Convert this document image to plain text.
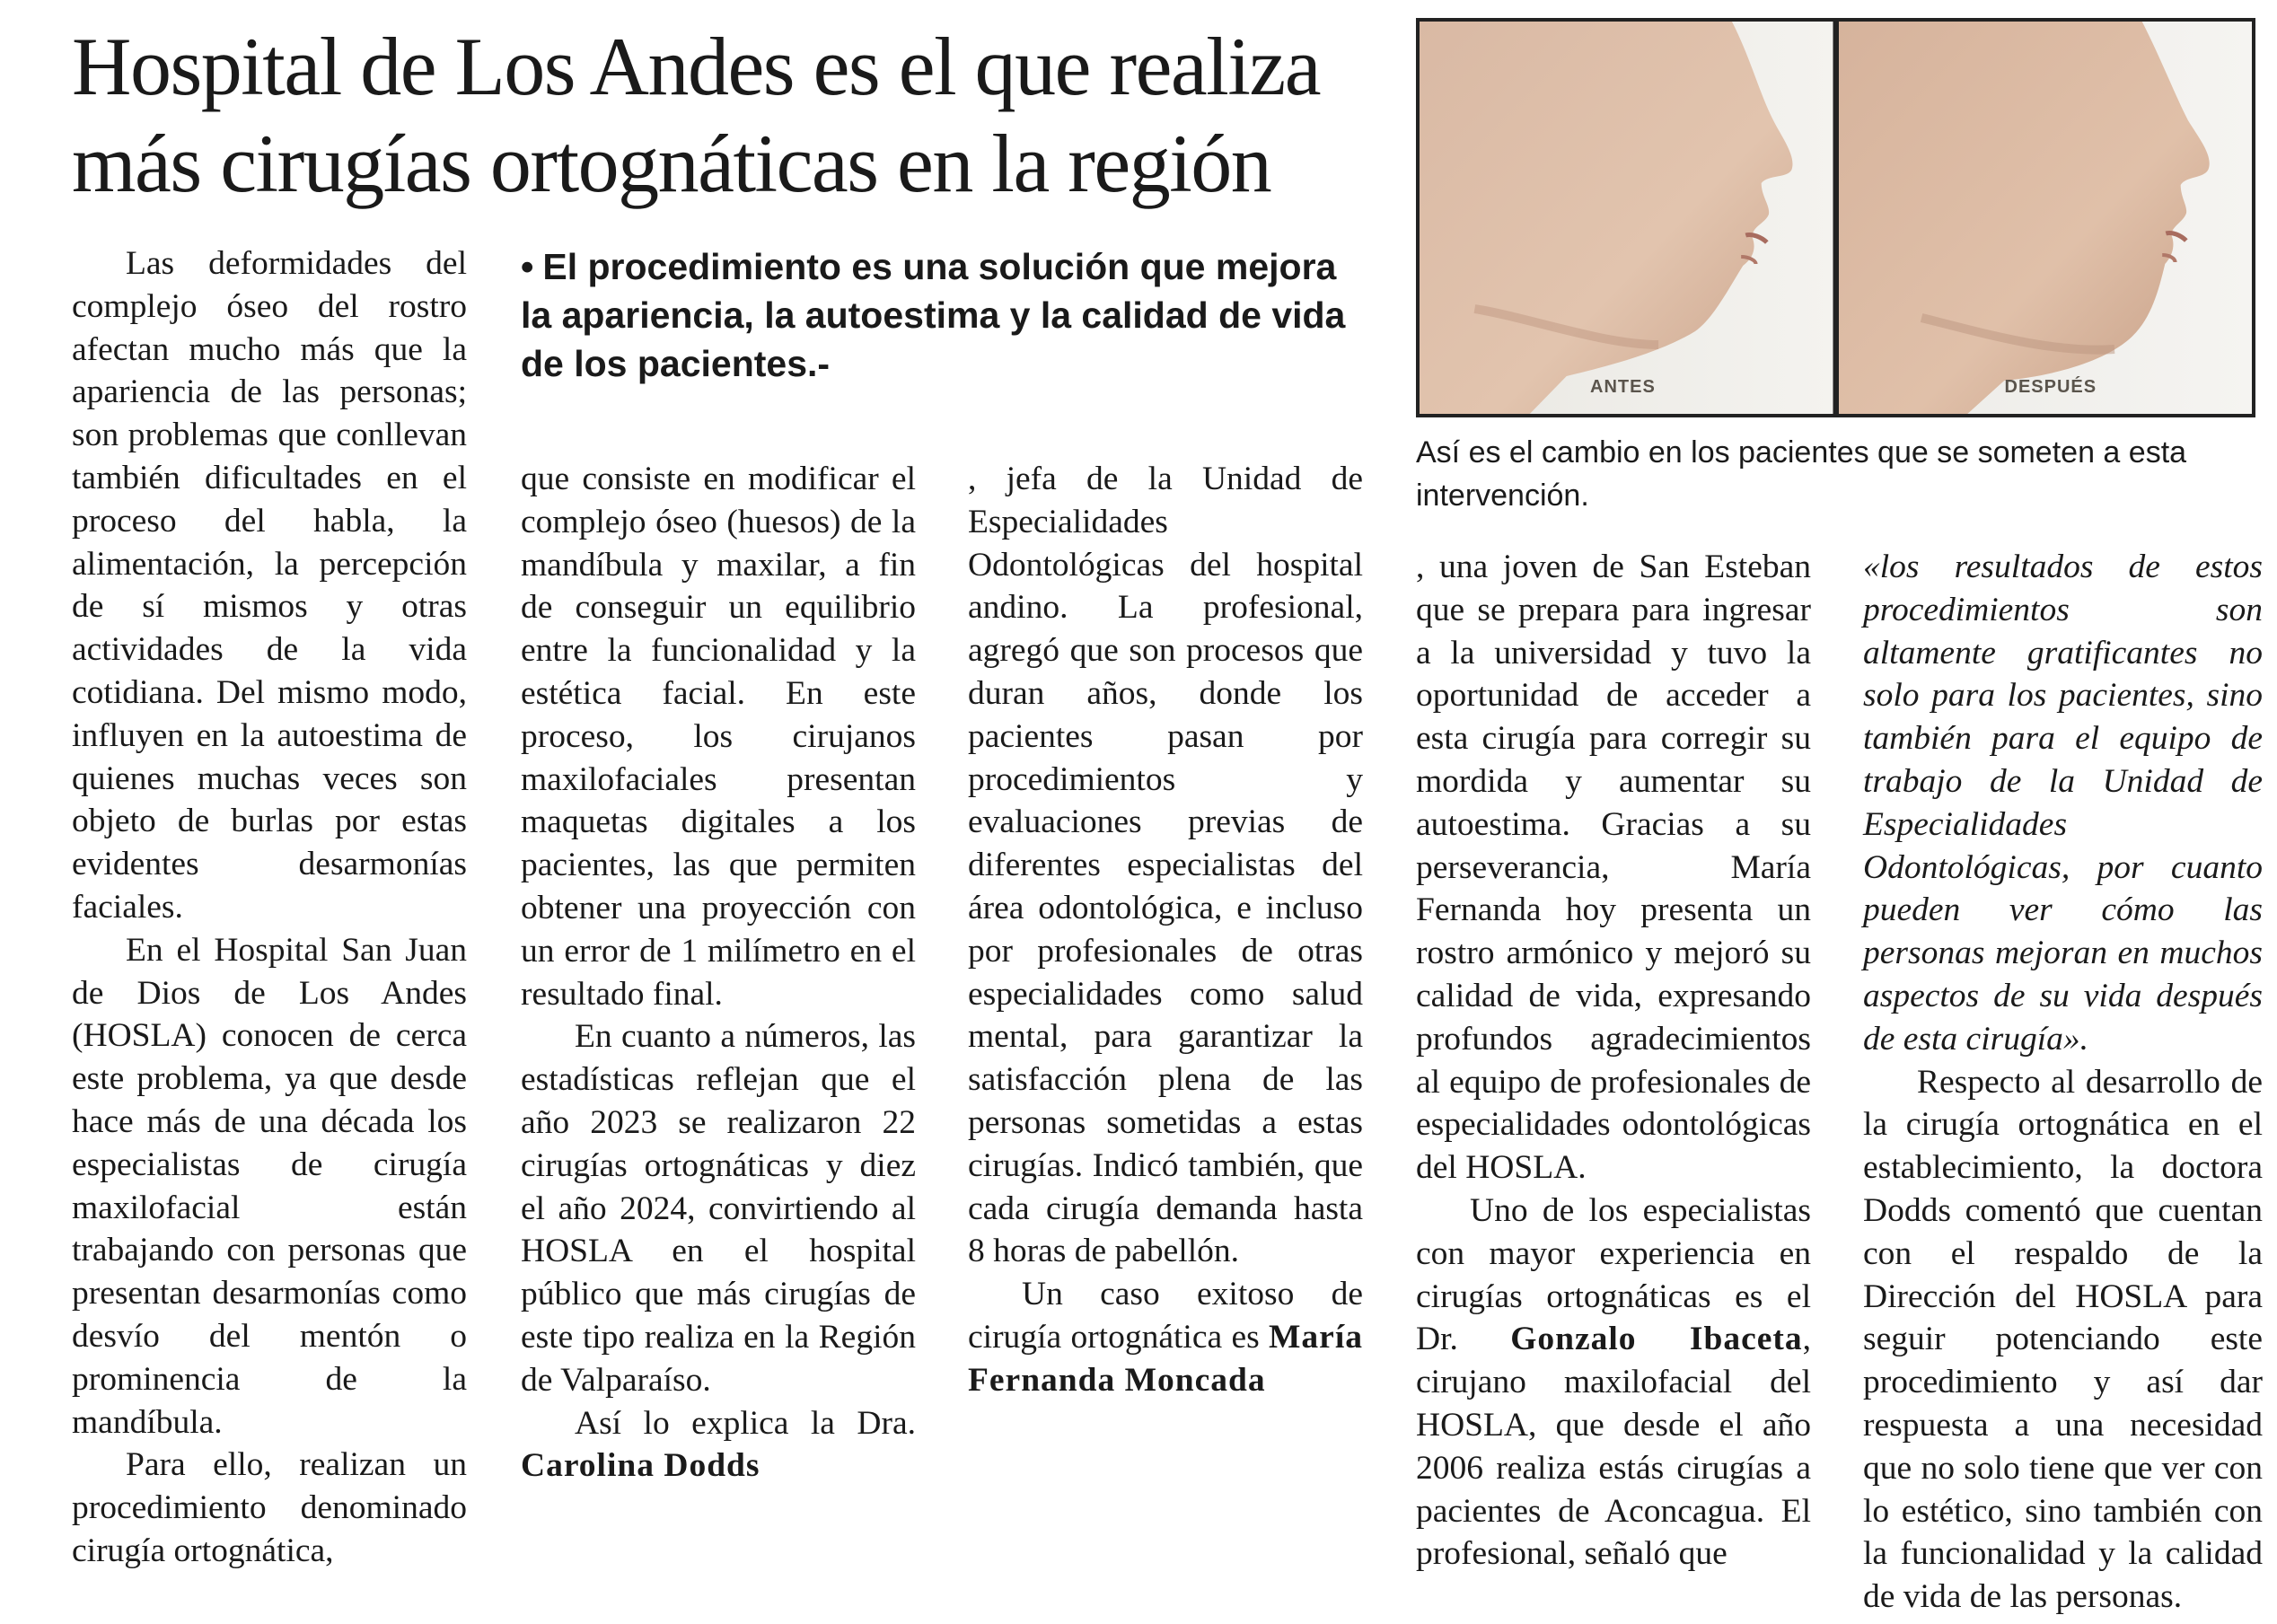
Hospital de Los Andes es el que realiza
más cirugías ortognáticas en la región
ANTES	DESPUÉS
Así es el cambio en los pacientes que se someten a esta intervención.
• El procedimiento es una solución que mejora la apariencia, la autoestima y la calidad de vida de los pacientes.-

Las deformidades del complejo óseo del rostro afectan mucho más que la apariencia de las personas; son problemas que conllevan también dificultades en el proceso del habla, la alimentación, la percepción de sí mismos y otras actividades de la vida cotidiana. Del mismo modo, influyen en la autoestima de quienes muchas veces son objeto de burlas por estas evidentes desarmonías faciales.

En el Hospital San Juan de Dios de Los Andes (HOSLA) conocen de cerca este problema, ya que desde hace más de una década los especialistas de cirugía maxilofacial están trabajando con personas que presentan desarmonías como desvío del mentón o prominencia de la mandíbula.

Para ello, realizan un procedimiento denominado cirugía ortognática,

que consiste en modificar el complejo óseo (huesos) de la mandíbula y maxilar, a fin de conseguir un equilibrio entre la funcionalidad y la estética facial. En este proceso, los cirujanos maxilofaciales presentan maquetas digitales a los pacientes, las que permiten obtener una proyección con un error de 1 milímetro en el resultado final.

En cuanto a números, las estadísticas reflejan que el año 2023 se realizaron 22 cirugías ortognáticas y diez el año 2024, convirtiendo al HOSLA en el hospital público que más cirugías de este tipo realiza en la Región de Valparaíso.

Así lo explica la Dra. Carolina Dodds

, jefa de la Unidad de Especialidades Odontológicas del hospital andino. La profesional, agregó que son procesos que duran años, donde los pacientes pasan por procedimientos y evaluaciones previas de diferentes especialistas del área odontológica, e incluso por profesionales de otras especialidades como salud mental, para garantizar la satisfacción plena de las personas sometidas a estas cirugías. Indicó también, que cada cirugía demanda hasta 8 horas de pabellón.

Un caso exitoso de cirugía ortognática es María Fernanda Moncada

, una joven de San Esteban que se prepara para ingresar a la universidad y tuvo la oportunidad de acceder a esta cirugía para corregir su mordida y aumentar su autoestima. Gracias a su perseverancia, María Fernanda hoy presenta un rostro armónico y mejoró su calidad de vida, expresando profundos agradecimientos al equipo de profesionales de especialidades odontológicas del HOSLA.

Uno de los especialistas con mayor experiencia en cirugías ortognáticas es el Dr. Gonzalo Ibaceta, cirujano maxilofacial del HOSLA, que desde el año 2006 realiza estás cirugías a pacientes de Aconcagua. El profesional, señaló que

«los resultados de estos procedimientos son altamente gratificantes no solo para los pacientes, sino también para el equipo de trabajo de la Unidad de Especialidades Odontológicas, por cuanto pueden ver cómo las personas mejoran en muchos aspectos de su vida después de esta cirugía».

Respecto al desarrollo de la cirugía ortognática en el establecimiento, la doctora Dodds comentó que cuentan con el respaldo de la Dirección del HOSLA para seguir potenciando este procedimiento y así dar respuesta a una necesidad que no solo tiene que ver con lo estético, sino también con la funcionalidad y la calidad de vida de las personas.
